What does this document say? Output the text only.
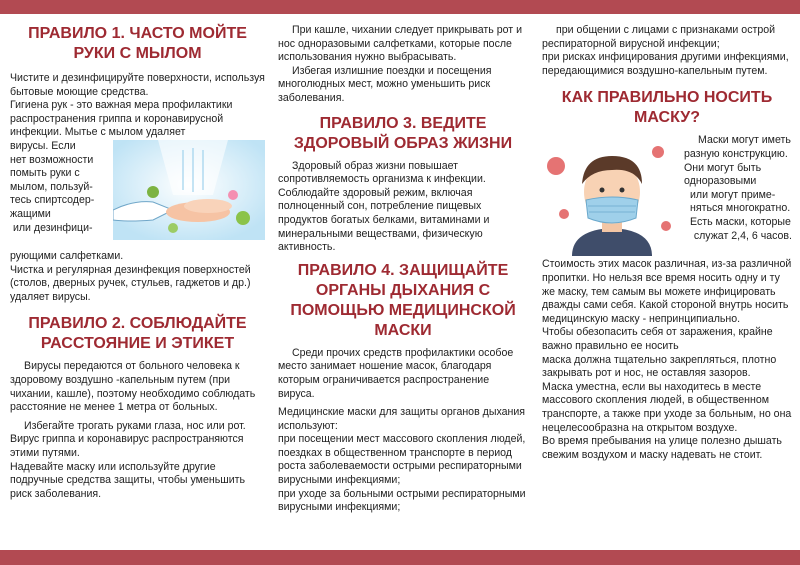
ПРАВИЛО 1. ЧАСТО МОЙТЕ РУКИ С МЫЛОМ

Чистите и дезинфицируйте поверхности, используя бытовые моющие средства.

Гигиена рук - это важная мера профилактики распространения гриппа и коронавирусной инфекции. Мытье с мылом удаляет

вирусы. Если

нет возможности

помыть руки с

мылом, пользуй-

тесь спиртсодер-

жащими

или дезинфици-

рующими салфетками.

Чистка и регулярная дезинфекция поверхностей (столов, дверных ручек, стульев, гаджетов и др.) удаляет вирусы.

ПРАВИЛО 2. СОБЛЮДАЙТЕ РАССТОЯНИЕ И ЭТИКЕТ

Вирусы передаются от больного человека к здоровому воздушно -капельным путем (при чихании, кашле), поэтому необходимо соблюдать расстояние не менее 1 метра от больных.

Избегайте трогать руками глаза, нос или рот. Вирус гриппа и коронавирус распространяются этими путями.

Надевайте маску или используйте другие подручные средства защиты, чтобы уменьшить риск заболевания.

При кашле, чихании следует прикрывать рот и нос одноразовыми салфетками, которые после использования нужно выбрасывать.

Избегая излишние поездки и посещения многолюдных мест, можно уменьшить риск заболевания.

ПРАВИЛО 3. ВЕДИТЕ ЗДОРОВЫЙ ОБРАЗ ЖИЗНИ

Здоровый образ жизни повышает сопротивляемость организма к инфекции. Соблюдайте здоровый режим, включая полноценный сон, потребление пищевых продуктов богатых белками, витаминами и минеральными веществами, физическую активность.

ПРАВИЛО 4. ЗАЩИЩАЙТЕ ОРГАНЫ ДЫХАНИЯ С ПОМОЩЬЮ МЕДИЦИНСКОЙ МАСКИ

Среди прочих средств профилактики особое место занимает ношение масок, благодаря которым ограничивается распространение вируса.

Медицинские маски для защиты органов дыхания используют:

при посещении мест массового скопления людей, поездках в общественном транспорте в период роста заболеваемости острыми респираторными вирусными инфекциями;

при уходе за больными острыми респираторными вирусными инфекциями;

при общении с лицами с признаками острой респираторной вирусной инфекции;

при рисках инфицирования другими инфекциями, передающимися воздушно-капельным путем.

КАК ПРАВИЛЬНО НОСИТЬ МАСКУ?

Маски могут иметь разную конструкцию. Они могут быть одноразовыми

или могут приме-

няться многократно.

Есть маски, которые

служат 2,4, 6 часов.

Стоимость этих масок различная, из-за различной пропитки. Но нельзя все время носить одну и ту же маску, тем самым вы можете инфицировать дважды сами себя. Какой стороной внутрь носить медицинскую маску - непринципиально.

Чтобы обезопасить себя от заражения, крайне важно правильно ее носить

маска должна тщательно закрепляться, плотно закрывать рот и нос, не оставляя зазоров.

Маска уместна, если вы находитесь в месте массового скопления людей, в общественном транспорте, а также при уходе за больным, но она нецелесообразна на открытом воздухе.

Во время пребывания на улице полезно дышать свежим воздухом и маску надевать не стоит.
